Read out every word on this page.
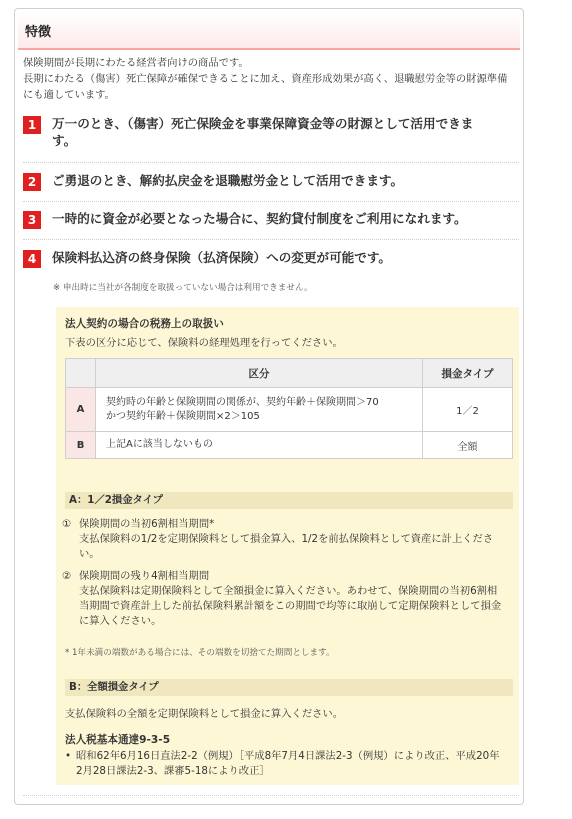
特徴
保険期間が長期にわたる経営者向けの商品です。
長期にわたる（傷害）死亡保障が確保できることに加え、資産形成効果が高く、退職慰労金等の財源準備
にも適しています。
1	万一のとき、（傷害）死亡保険金を事業保障資金等の財源として活用できま
す。
2	ご勇退のとき、解約払戻金を退職慰労金として活用できます。
3	一時的に資金が必要となった場合に、契約貸付制度をご利用になれます。
4	保険料払込済の終身保険（払済保険）への変更が可能です。
※ 申出時に当社が各制度を取扱っていない場合は利用できません。
法人契約の場合の税務上の取扱い
下表の区分に応じて、保険料の経理処理を行ってください。
	区分	損金タイプ
A	契約時の年齢と保険期間の関係が、契約年齢＋保険期間＞70
かつ契約年齢＋保険期間×2＞105	1／2
B	上記Aに該当しないもの	全額
A：1／2損金タイプ
① 保険期間の当初6割相当期間*
支払保険料の1/2を定期保険料として損金算入、1/2を前払保険料として資産に計上くださ
い。
② 保険期間の残り4割相当期間
支払保険料は定期保険料として全額損金に算入ください。あわせて、保険期間の当初6割相
当期間で資産計上した前払保険料累計額をこの期間で均等に取崩して定期保険料として損金
に算入ください。
* 1年未満の端数がある場合には、その端数を切捨てた期間とします。
B：全額損金タイプ
支払保険料の全額を定期保険料として損金に算入ください。
法人税基本通達9-3-5
• 昭和62年6月16日直法2-2（例規）［平成8年7月4日課法2-3（例規）により改正、平成20年
2月28日課法2-3、課審5-18により改正］
